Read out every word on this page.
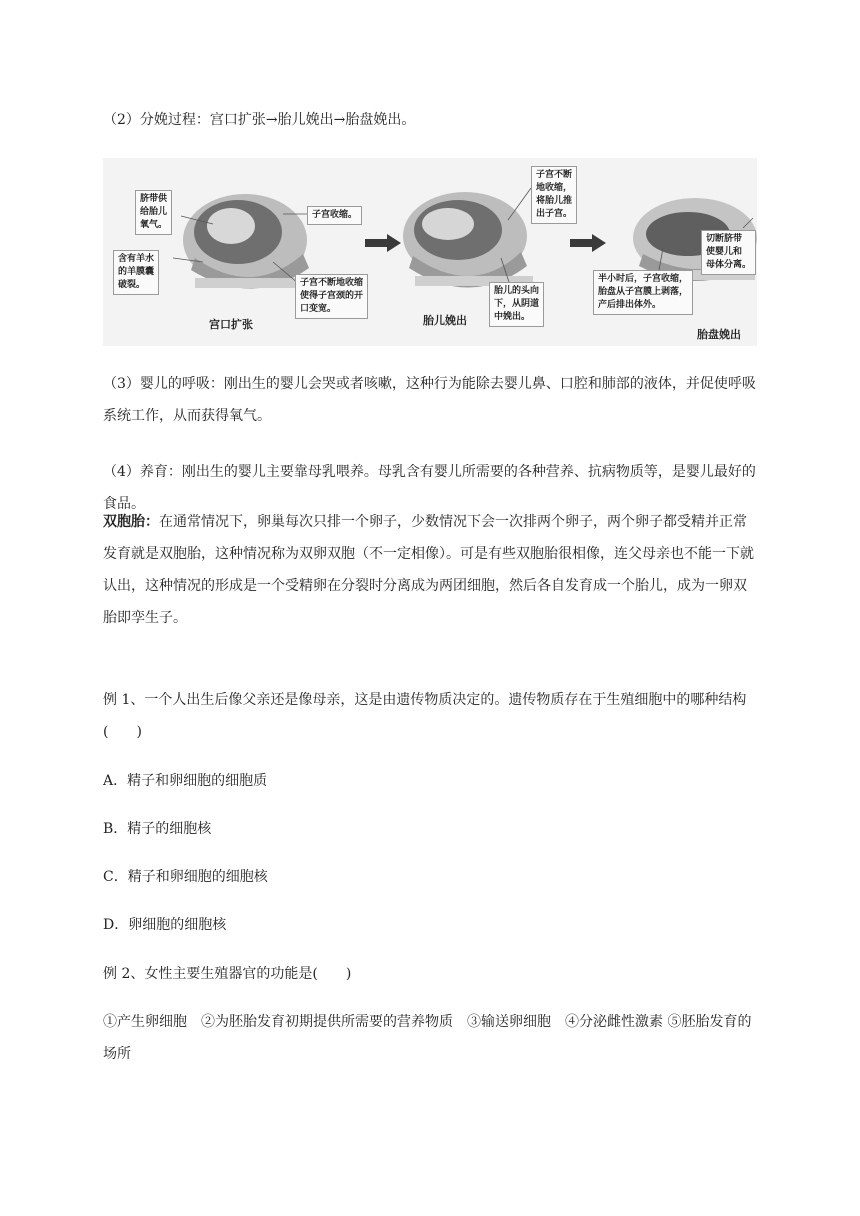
（2）分娩过程：宫口扩张→胎儿娩出→胎盘娩出。

脐带供
给胎儿
氧气。
含有羊水
的羊膜囊
破裂。
子宫收缩。
子宫不断地收缩
使得子宫颈的开
口变宽。
子宫不断
地收缩，
将胎儿推
出子宫。
胎儿的头向
下，从阴道
中娩出。
半小时后，子宫收缩，
胎盘从子宫膜上剥落，
产后排出体外。
切断脐带
使婴儿和
母体分离。
宫口扩张	胎儿娩出
胎盘娩出

（3）婴儿的呼吸：刚出生的婴儿会哭或者咳嗽，这种行为能除去婴儿鼻、口腔和肺部的液体，并促使呼吸系统工作，从而获得氧气。

（4）养育：刚出生的婴儿主要靠母乳喂养。母乳含有婴儿所需要的各种营养、抗病物质等，是婴儿最好的食品。

双胞胎：在通常情况下，卵巢每次只排一个卵子，少数情况下会一次排两个卵子，两个卵子都受精并正常发育就是双胞胎，这种情况称为双卵双胞（不一定相像）。可是有些双胞胎很相像，连父母亲也不能一下就认出，这种情况的形成是一个受精卵在分裂时分离成为两团细胞，然后各自发育成一个胎儿，成为一卵双胎即孪生子。

例 1、一个人出生后像父亲还是像母亲，这是由遗传物质决定的。遗传物质存在于生殖细胞中的哪种结构(　　)

A．精子和卵细胞的细胞质

B．精子的细胞核

C．精子和卵细胞的细胞核

D．卵细胞的细胞核

例 2、女性主要生殖器官的功能是(　　)

①产生卵细胞　②为胚胎发育初期提供所需要的营养物质　③输送卵细胞　④分泌雌性激素 ⑤胚胎发育的场所
